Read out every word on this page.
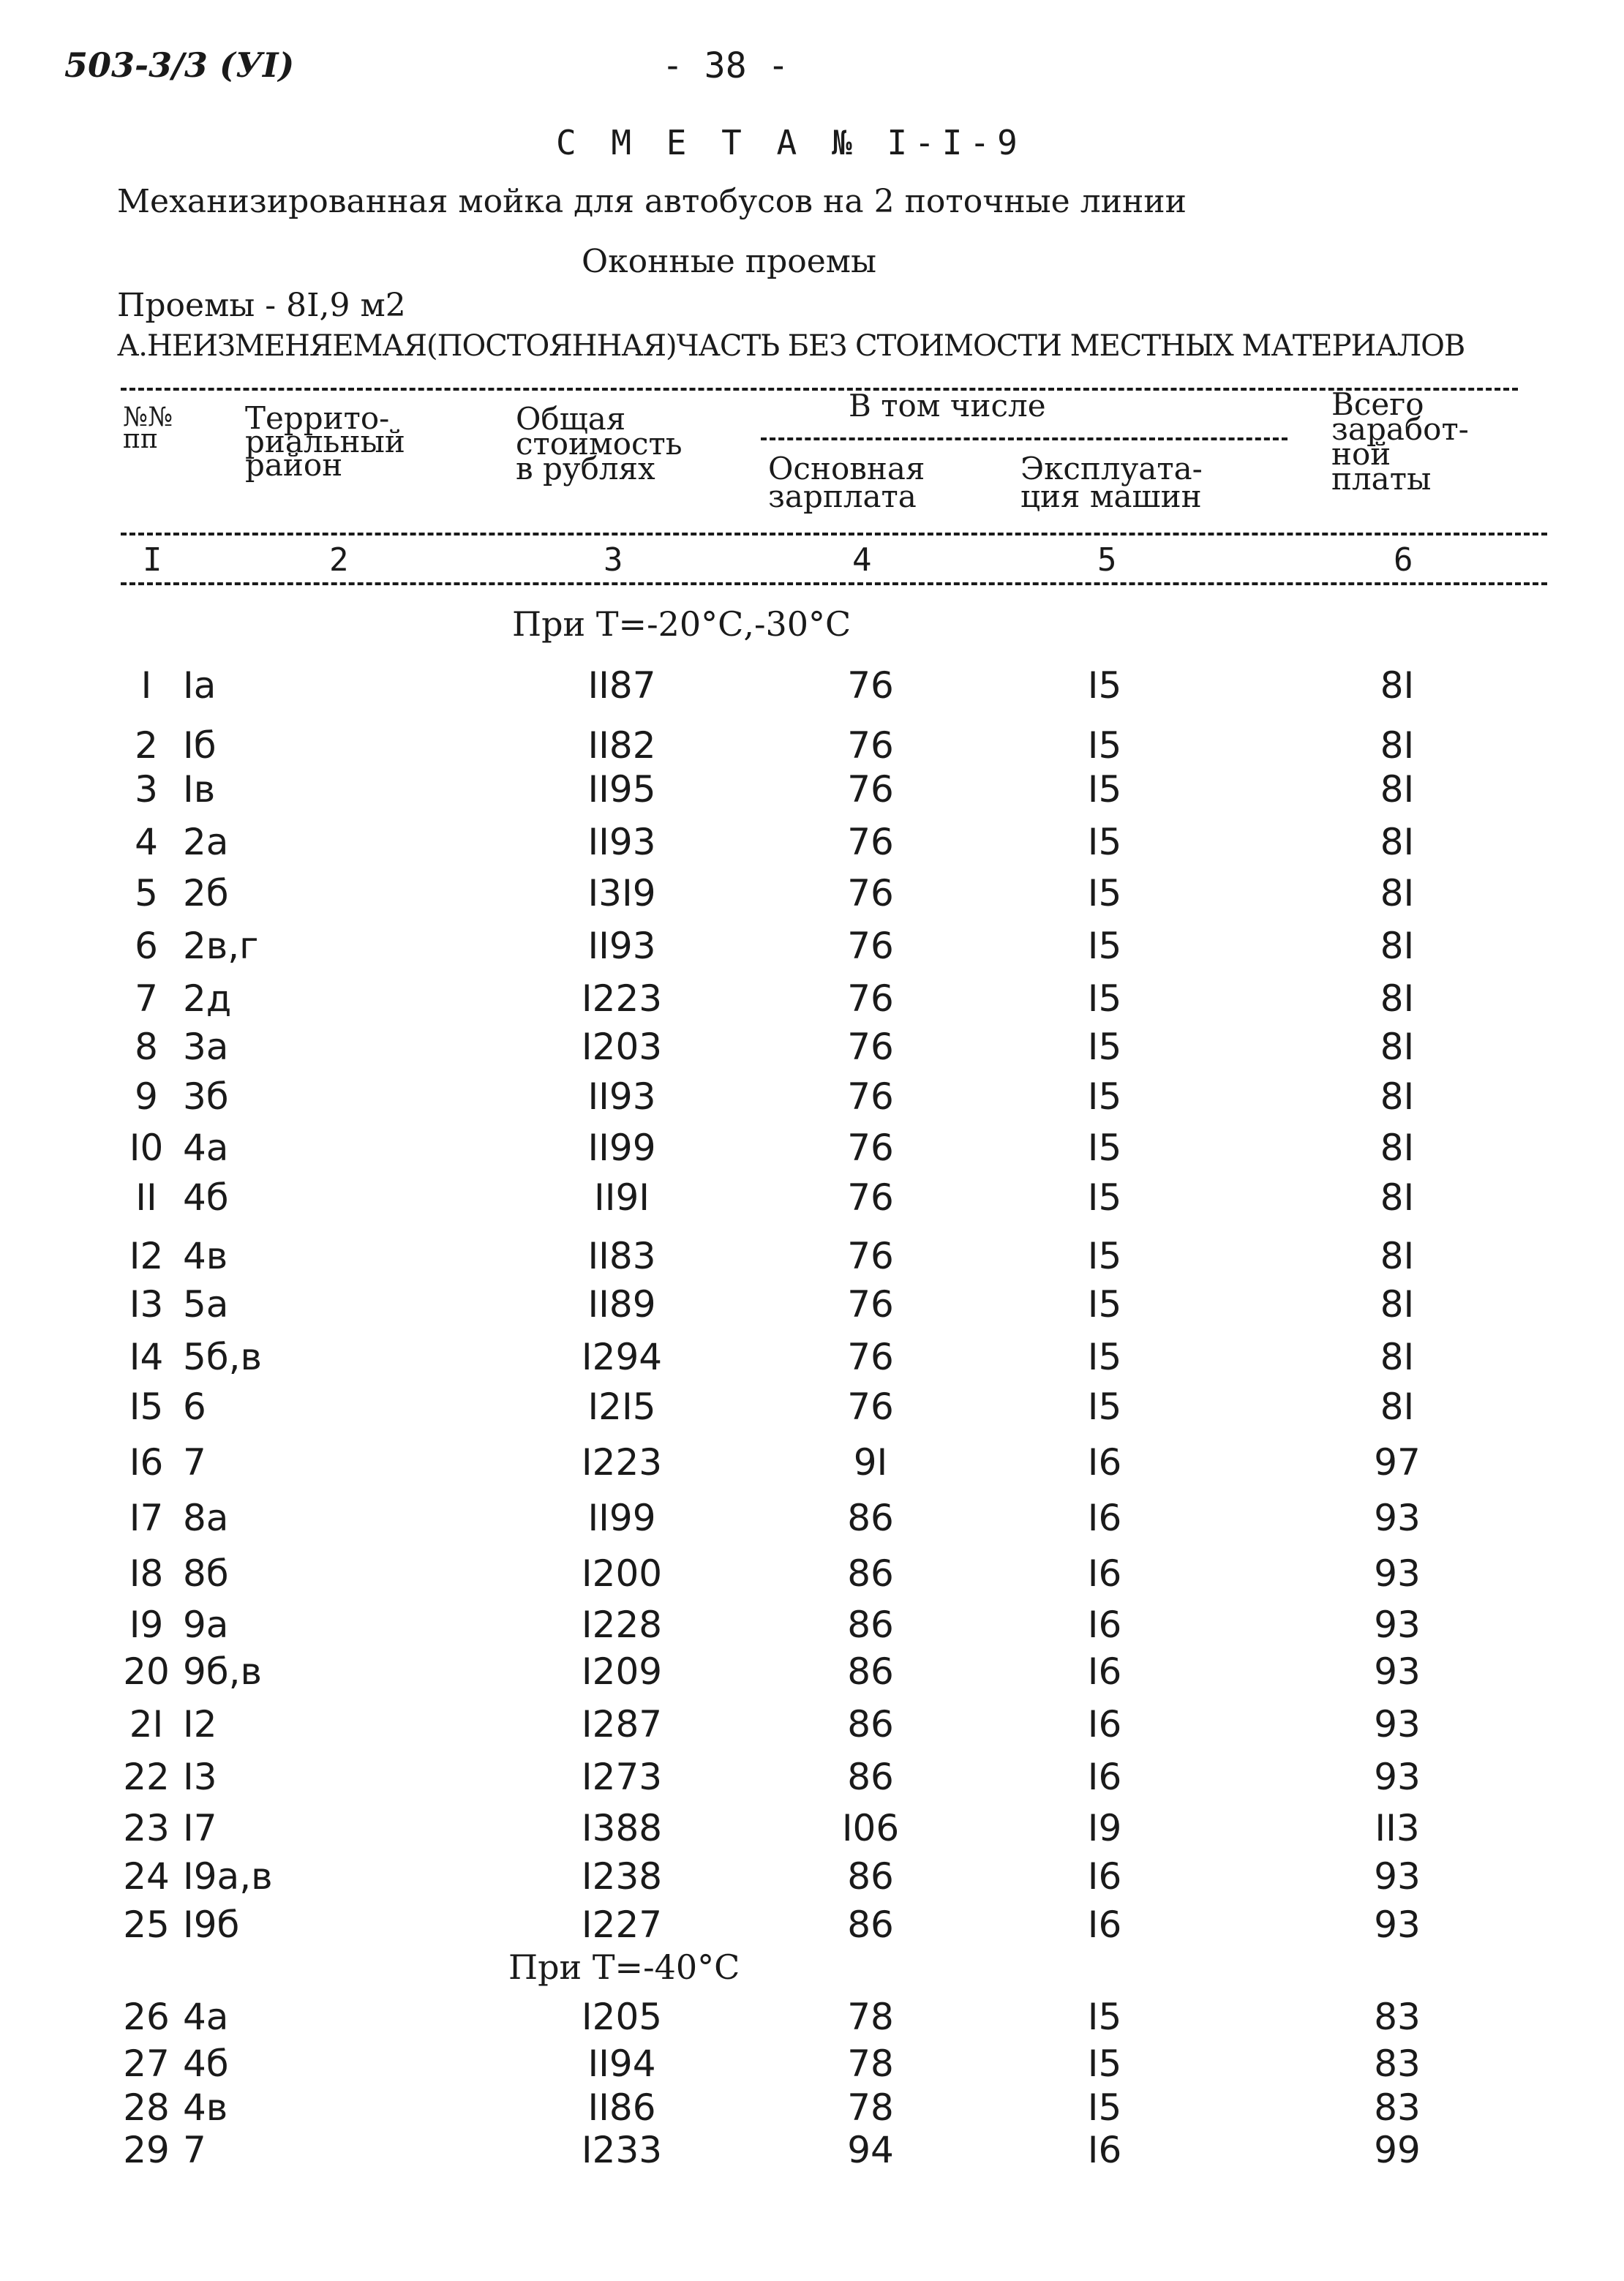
503-3/3 (УI)	- 38 -
С М Е Т А № I-I-9
Механизированная мойка для автобусов на 2 поточные линии
Оконные проемы
Проемы - 8I,9 м2
А.НЕИЗМЕНЯЕМАЯ(ПОСТОЯННАЯ)ЧАСТЬ БЕЗ СТОИМОСТИ МЕСТНЫХ МАТЕРИАЛОВ
№№
пп
Террито-
риальный
район
Общая
стоимость
в рублях
В том числе
Основная
зарплата
Эксплуата-
ция машин
Всего
заработ-
ной
платы
I	2	3	4	5	6
При Т=-20°С,-30°С
I Iа	II87	76	I5	8I
2 Iб	II82	76	I5	8I
3 Iв	II95	76	I5	8I
4 2а	II93	76	I5	8I
5 2б	I3I9	76	I5	8I
6 2в,г	II93	76	I5	8I
7 2д	I223	76	I5	8I
8 3а	I203	76	I5	8I
9 3б	II93	76	I5	8I
I0 4а	II99	76	I5	8I
II 4б	II9I	76	I5	8I
I2 4в	II83	76	I5	8I
I3 5а	II89	76	I5	8I
I4 5б,в	I294	76	I5	8I
I5 6	I2I5	76	I5	8I
I6 7	I223	9I	I6	97
I7 8а	II99	86	I6	93
I8 8б	I200	86	I6	93
I9 9а	I228	86	I6	93
20 9б,в	I209	86	I6	93
2I I2	I287	86	I6	93
22 I3	I273	86	I6	93
23 I7	I388	I06	I9	II3
24 I9а,в	I238	86	I6	93
25 I9б	I227	86	I6	93
При Т=-40°С
26 4а	I205	78	I5	83
27 4б	II94	78	I5	83
28 4в	II86	78	I5	83
29 7	I233	94	I6	99
